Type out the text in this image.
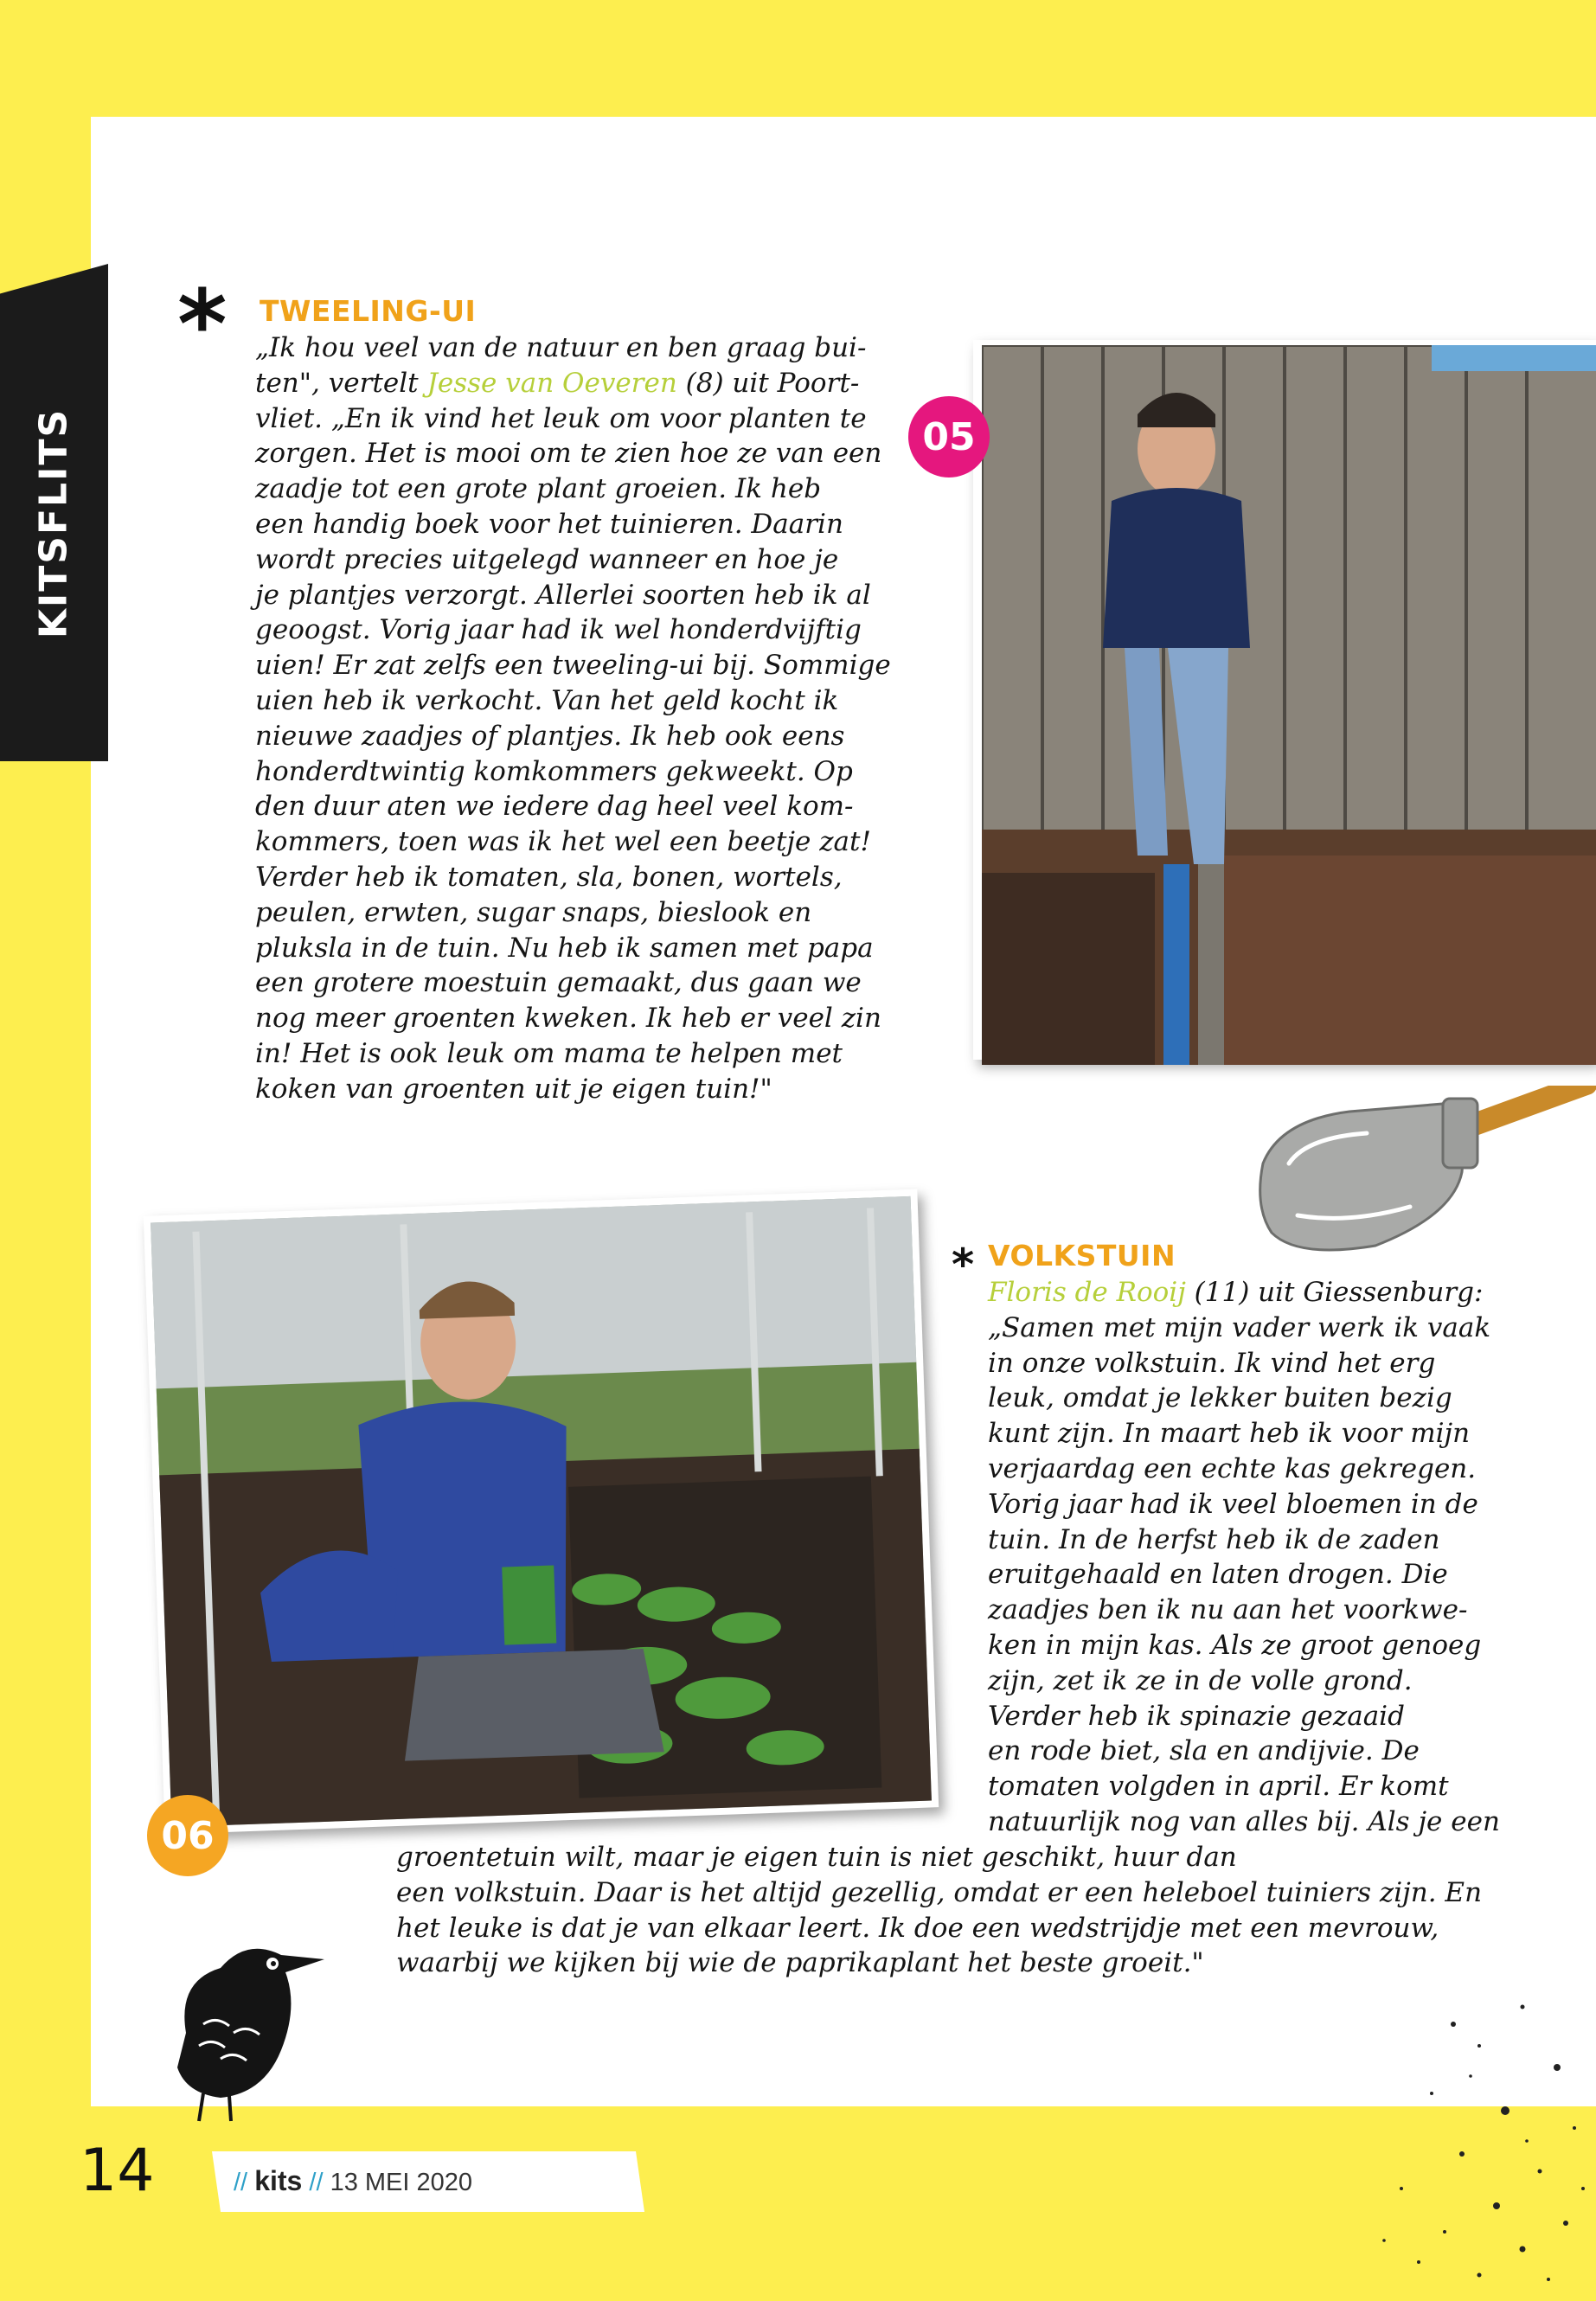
KITSFLITS
* TWEELING-UI
„Ik hou veel van de natuur en ben graag bui-
ten", vertelt Jesse van Oeveren (8) uit Poort-
vliet. „En ik vind het leuk om voor planten te
zorgen. Het is mooi om te zien hoe ze van een
zaadje tot een grote plant groeien. Ik heb
een handig boek voor het tuinieren. Daarin
wordt precies uitgelegd wanneer en hoe je
je plantjes verzorgt. Allerlei soorten heb ik al
geoogst. Vorig jaar had ik wel honderdvijftig
uien! Er zat zelfs een tweeling-ui bij. Sommige
uien heb ik verkocht. Van het geld kocht ik
nieuwe zaadjes of plantjes. Ik heb ook eens
honderdtwintig komkommers gekweekt. Op
den duur aten we iedere dag heel veel kom-
kommers, toen was ik het wel een beetje zat!
Verder heb ik tomaten, sla, bonen, wortels,
peulen, erwten, sugar snaps, bieslook en
pluksla in de tuin. Nu heb ik samen met papa
een grotere moestuin gemaakt, dus gaan we
nog meer groenten kweken. Ik heb er veel zin
in! Het is ook leuk om mama te helpen met
koken van groenten uit je eigen tuin!"
05
06
* VOLKSTUIN
Floris de Rooij (11) uit Giessenburg:
„Samen met mijn vader werk ik vaak
in onze volkstuin. Ik vind het erg
leuk, omdat je lekker buiten bezig
kunt zijn. In maart heb ik voor mijn
verjaardag een echte kas gekregen.
Vorig jaar had ik veel bloemen in de
tuin. In de herfst heb ik de zaden
eruitgehaald en laten drogen. Die
zaadjes ben ik nu aan het voorkwe-
ken in mijn kas. Als ze groot genoeg
zijn, zet ik ze in de volle grond.
Verder heb ik spinazie gezaaid
en rode biet, sla en andijvie. De
tomaten volgden in april. Er komt
natuurlijk nog van alles bij. Als je een
groentetuin wilt, maar je eigen tuin is niet geschikt, huur dan
een volkstuin. Daar is het altijd gezellig, omdat er een heleboel tuiniers zijn. En
het leuke is dat je van elkaar leert. Ik doe een wedstrijdje met een mevrouw,
waarbij we kijken bij wie de paprikaplant het beste groeit."
14	// kits // 13 MEI 2020
